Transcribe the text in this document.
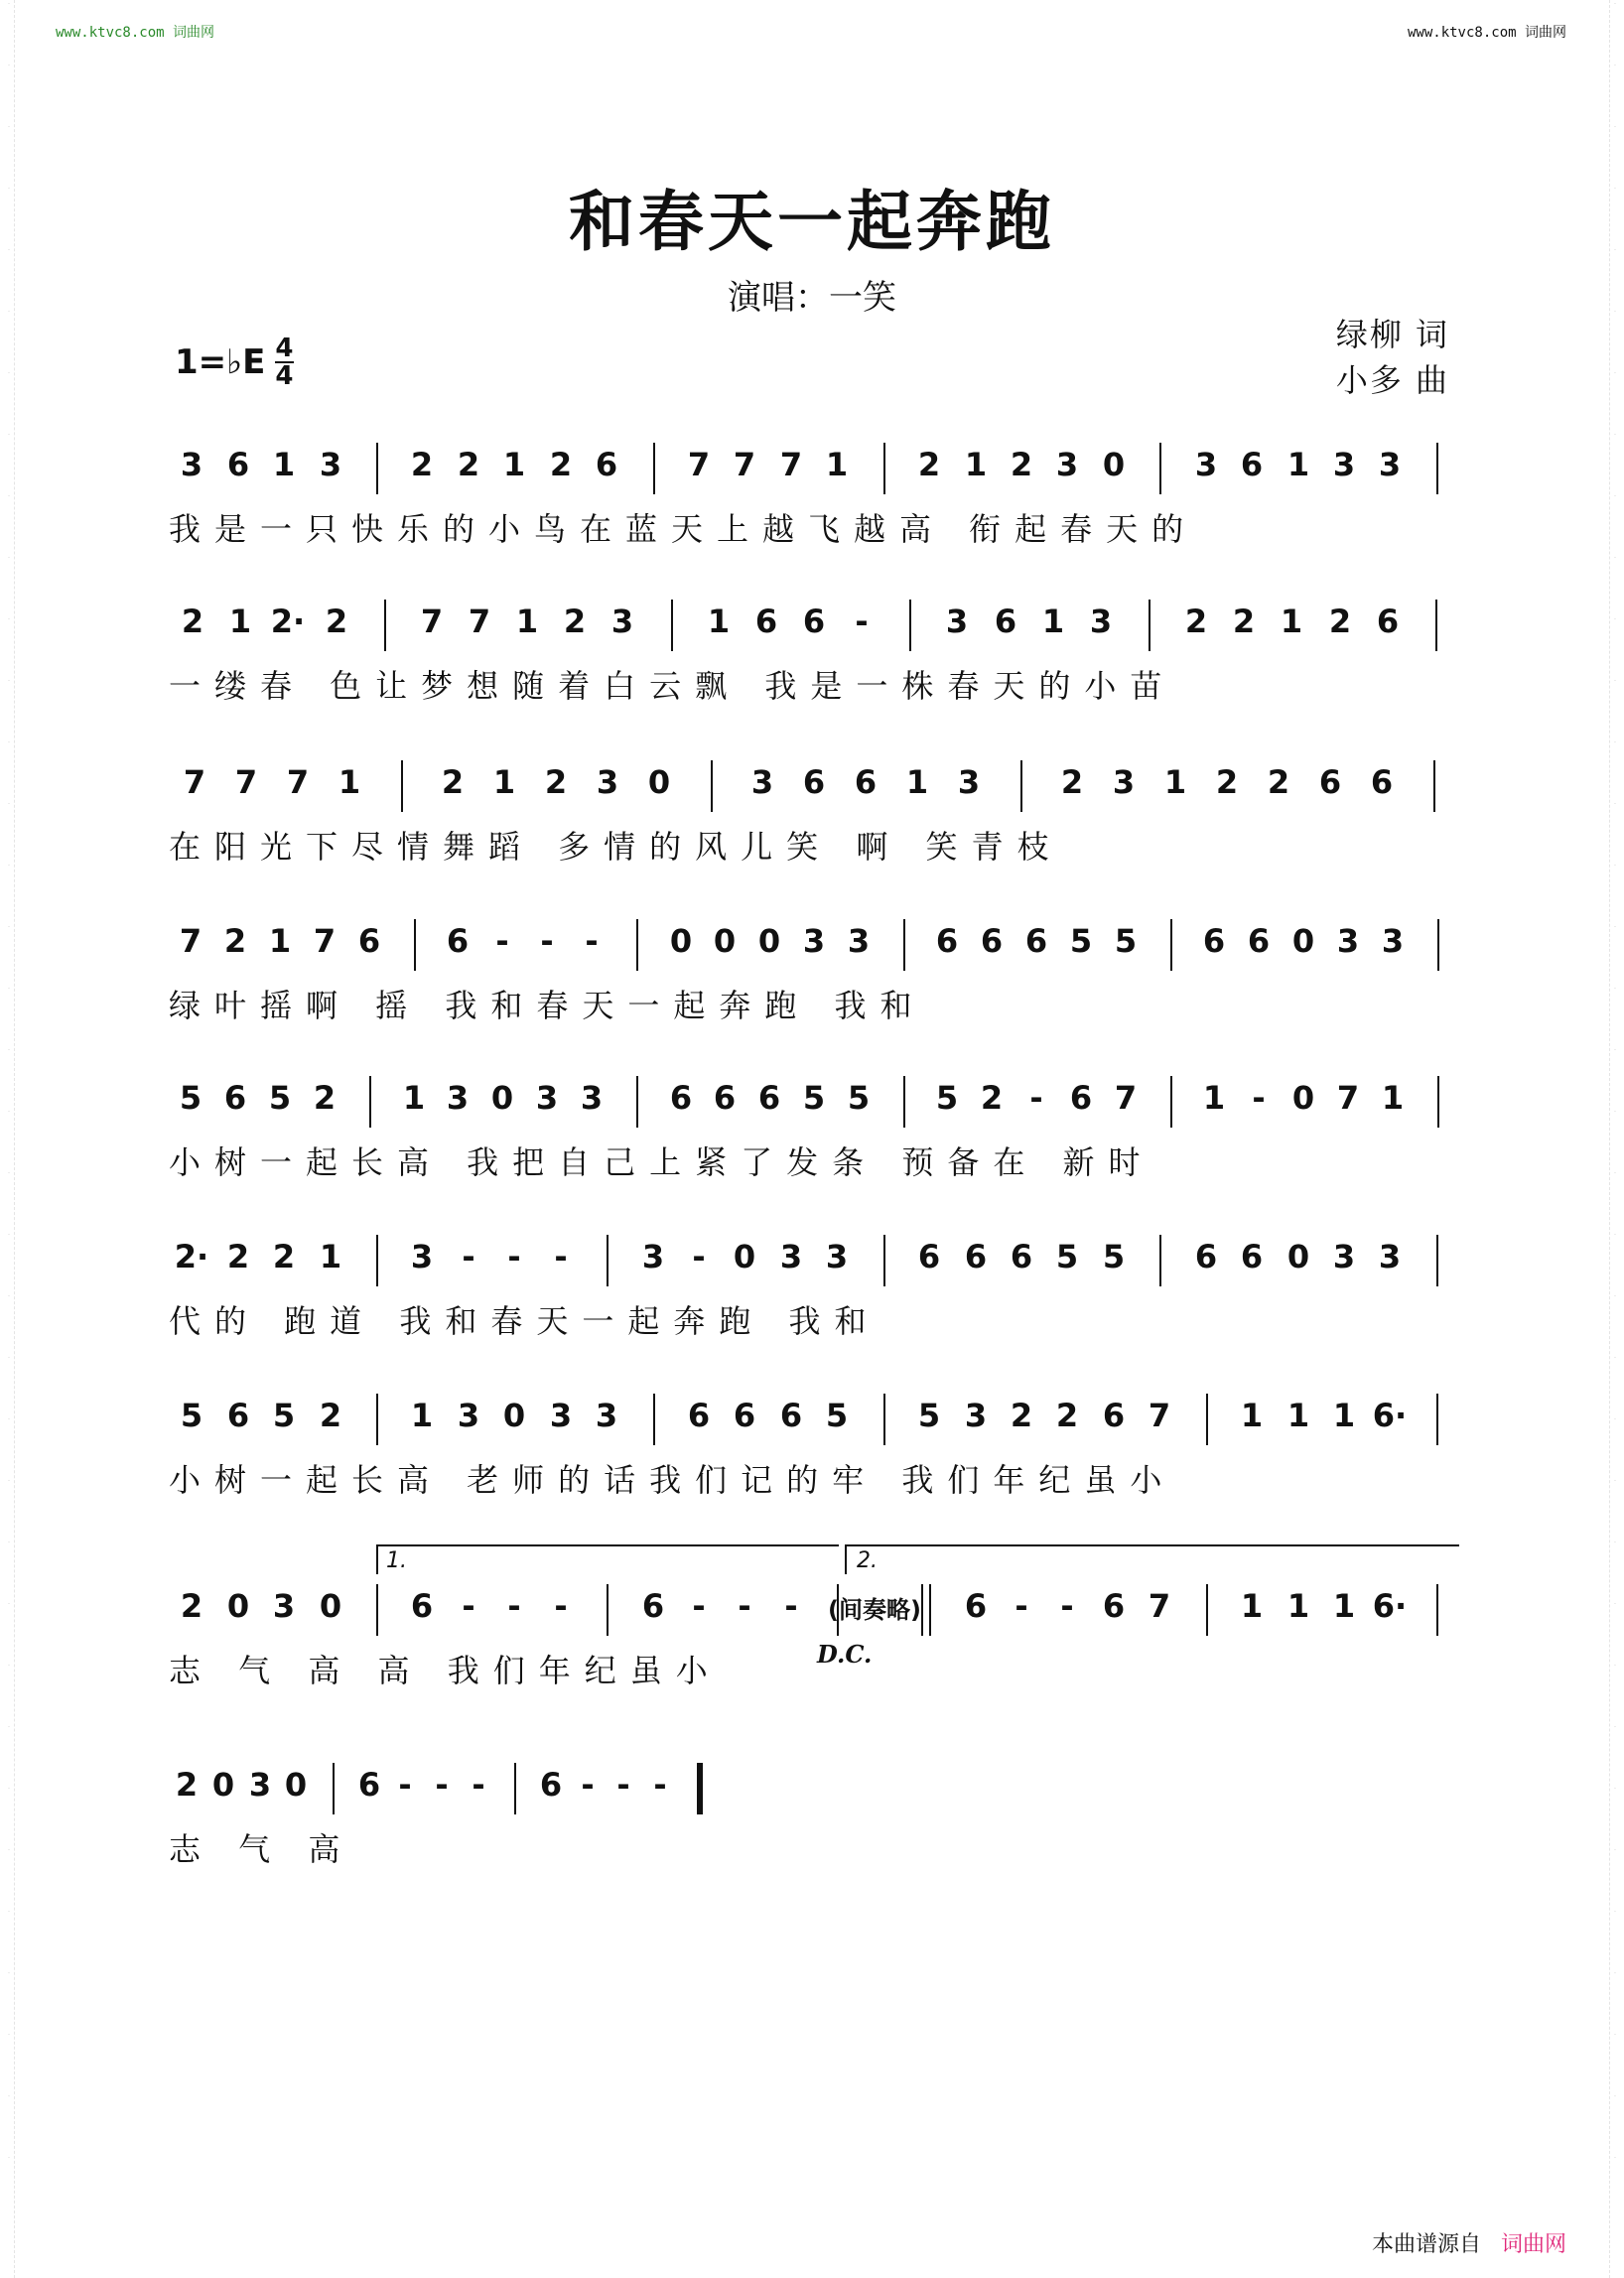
www.ktvc8.com 词曲网	www.ktvc8.com 词曲网
·
·
·
·
·
·
·
·
·
·
·
·
·
·
·
·
·
·
·
·
·
·
·
·
·
·
·
·
·
·
·
·
·
·
·
·
·
·
·
·
·
·
·
·
·
·
·
·
·
·
·
·
·
·
·
·
·
·
·
·
·
·
·
·
·
·
·
·
·
·
·
·
和春天一起奔跑
演唱：一笑
绿柳 词
小多 曲
1=♭E 4
4
3 6 1 3 2 2 1 2 6 7 7 7 1 2 1 2 3 0 3 6 1 3 3
我是一只快乐的小鸟在蓝天上越飞越高 衔起春天的
2 1 2· 2 7 7 1 2 3 1 6 6 - 3 6 1 3 2 2 1 2 6
一缕春 色让梦想随着白云飘 我是一株春天的小苗
7 7 7 1	2 1 2 3 0	3 6 6 1 3	2 3 1 2 2 6 6
在阳光下尽情舞蹈 多情的风儿笑 啊 笑青枝
7 2 1 7 6 6 - - - 0 0 0 3 3 6 6 6 5 5 6 6 0 3 3
绿叶摇啊 摇 我和春天一起奔跑 我和
5 6 5 2 1 3 0 3 3 6 6 6 5 5 5 2 - 6 7 1 - 0 7 1
小树一起长高 我把自己上紧了发条 预备在 新时
2· 2 2 1 3 - - - 3 - 0 3 3 6 6 6 5 5 6 6 0 3 3
代的 跑道 我和春天一起奔跑 我和
5 6 5 2 1 3 0 3 3 6 6 6 5 5 3 2 2 6 7 1 1 1 6·
小树一起长高 老师的话我们记的牢 我们年纪虽小
2 0 3 0 6 - - - 6 - - - (间奏略) 6 - - 6 7 1 1 1 6·
1.	2.
D.C.
志 气 高 高 我们年纪虽小
2 0 3 0 6 - - - 6 - - -
志 气 高
本曲谱源自 词曲网
